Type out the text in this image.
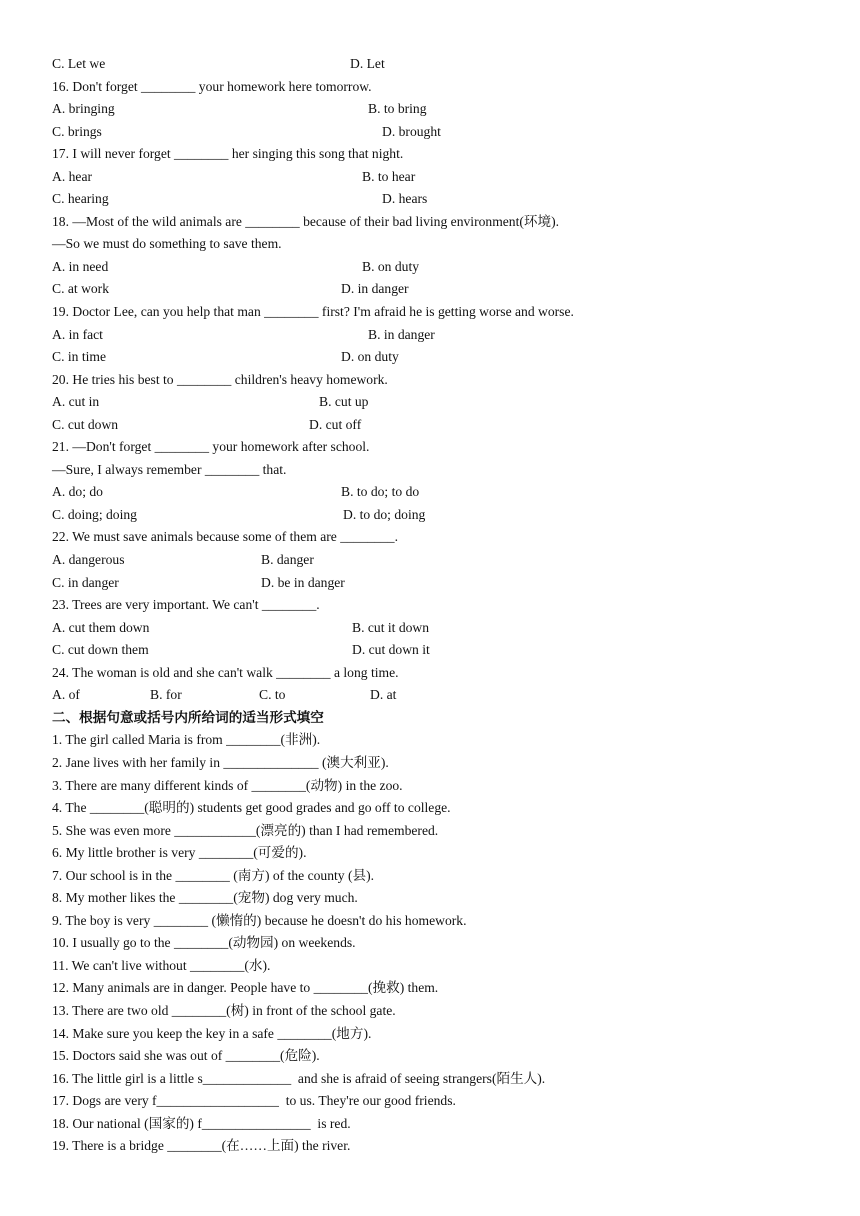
C. Let we	D. Let
16. Don't forget ________ your homework here tomorrow.
A. bringing	B. to bring
C. brings	D. brought
17. I will never forget ________ her singing this song that night.
A. hear	B. to hear
C. hearing	D. hears
18. —Most of the wild animals are ________ because of their bad living environment(环境).
—So we must do something to save them.
A. in need	B. on duty
C. at work	D. in danger
19. Doctor Lee, can you help that man ________ first? I'm afraid he is getting worse and worse.
A. in fact	B. in danger
C. in time	D. on duty
20. He tries his best to ________ children's heavy homework.
A. cut in	B. cut up
C. cut down	D. cut off
21. —Don't forget ________ your homework after school.
—Sure, I always remember ________ that.
A. do; do	B. to do; to do
C. doing; doing	D. to do; doing
22. We must save animals because some of them are ________.
A. dangerous	B. danger
C. in danger	D. be in danger
23. Trees are very important. We can't ________.
A. cut them down	B. cut it down
C. cut down them	D. cut down it
24. The woman is old and she can't walk ________ a long time.
A. of	B. for	C. to	D. at
二、根据句意或括号内所给词的适当形式填空
1. The girl called Maria is from ________(非洲).
2. Jane lives with her family in ______________ (澳大利亚).
3. There are many different kinds of ________(动物) in the zoo.
4. The ________(聪明的) students get good grades and go off to college.
5. She was even more ____________(漂亮的) than I had remembered.
6. My little brother is very ________(可爱的).
7. Our school is in the ________ (南方) of the county (县).
8. My mother likes the ________(宠物) dog very much.
9. The boy is very ________ (懒惰的) because he doesn't do his homework.
10. I usually go to the ________(动物园) on weekends.
11. We can't live without ________(水).
12. Many animals are in danger. People have to ________(挽救) them.
13. There are two old ________(树) in front of the school gate.
14. Make sure you keep the key in a safe ________(地方).
15. Doctors said she was out of ________(危险).
16. The little girl is a little s_____________  and she is afraid of seeing strangers(陌生人).
17. Dogs are very f__________________  to us. They're our good friends.
18. Our national (国家的) f________________  is red.
19. There is a bridge ________(在……上面) the river.
